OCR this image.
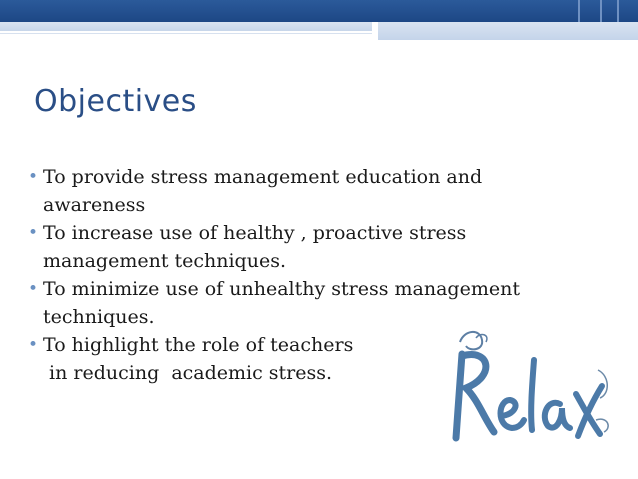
Objectives
• To provide stress management education and
awareness
• To increase use of healthy , proactive stress
management techniques.
• To minimize use of unhealthy stress management
techniques.
• To highlight the role of teachers
in reducing  academic stress.
